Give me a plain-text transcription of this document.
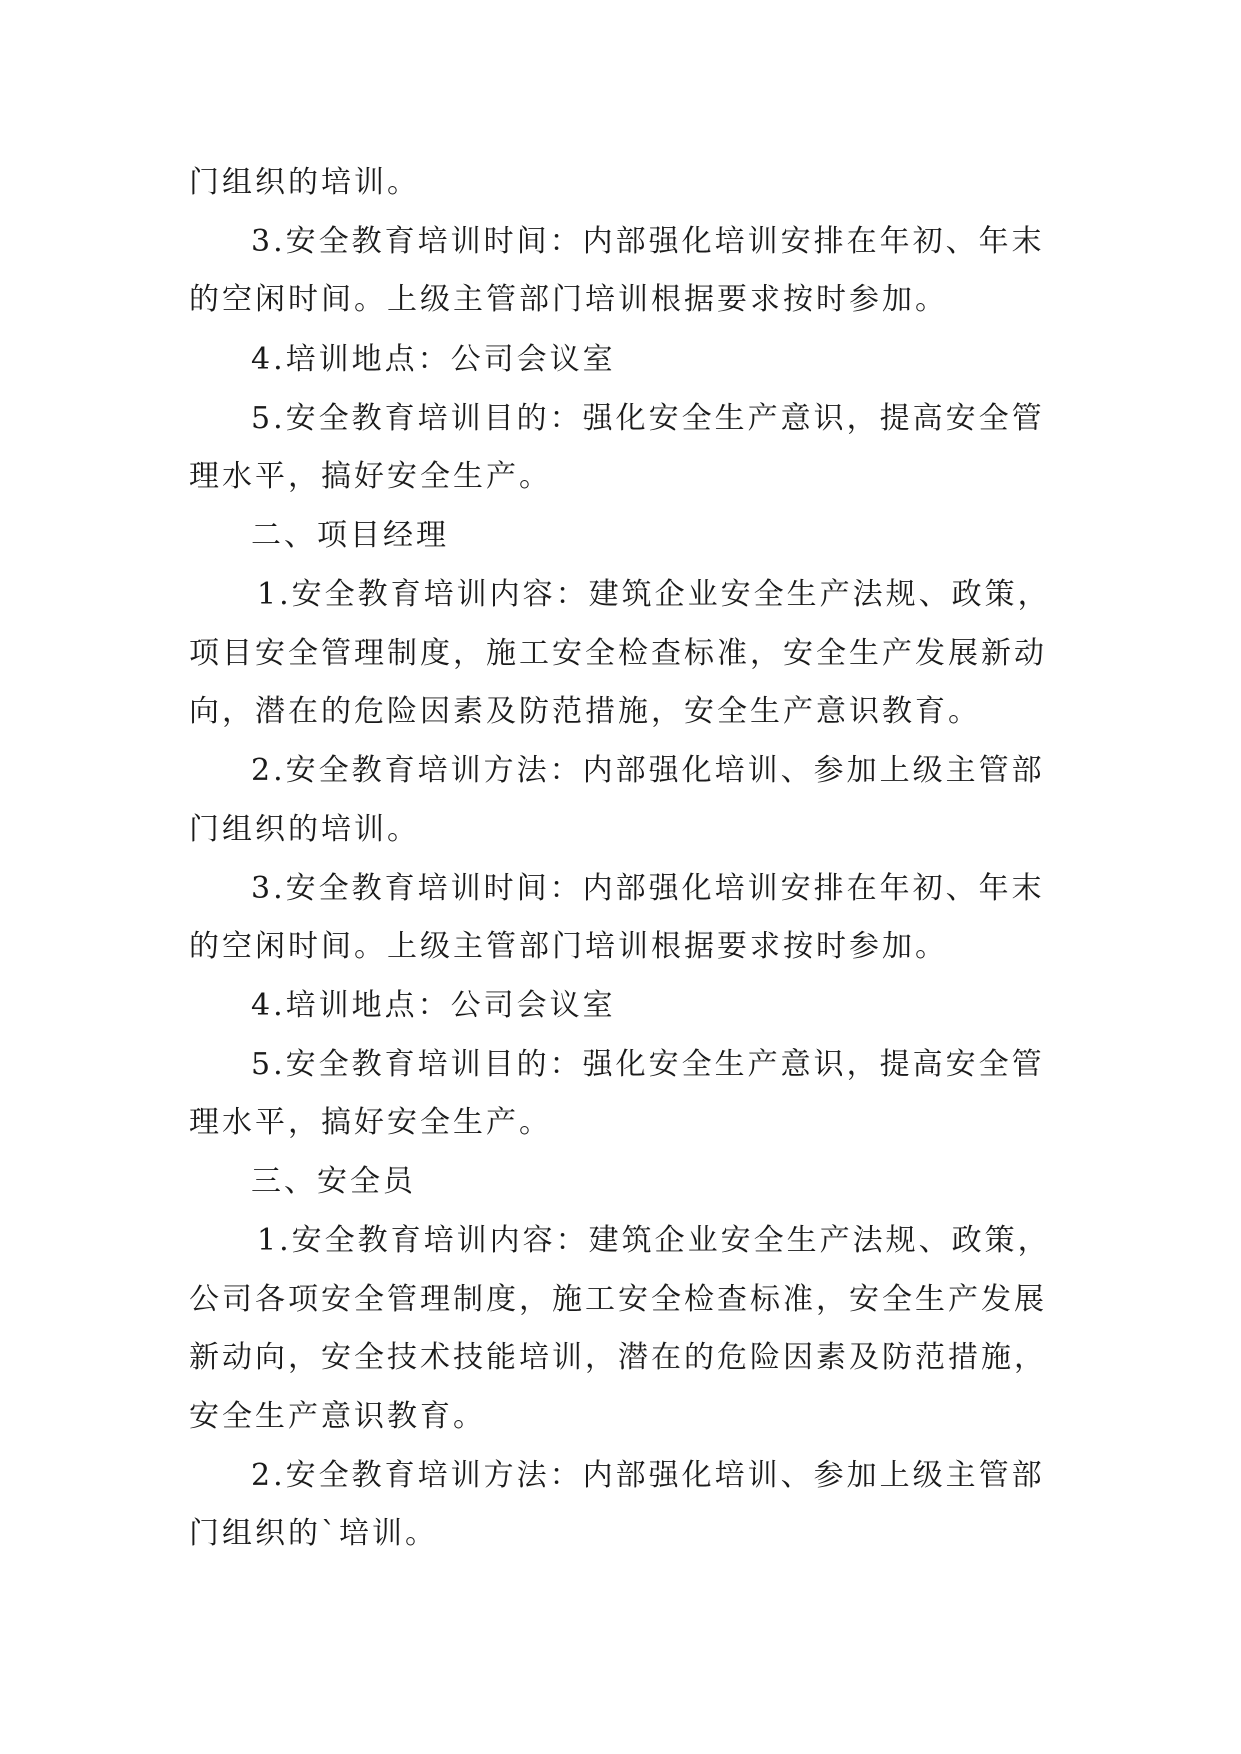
门组织的培训。
3.安全教育培训时间：内部强化培训安排在年初、年末
的空闲时间。上级主管部门培训根据要求按时参加。
4.培训地点：公司会议室
5.安全教育培训目的：强化安全生产意识，提高安全管
理水平，搞好安全生产。
二、项目经理
1.安全教育培训内容：建筑企业安全生产法规、政策，
项目安全管理制度，施工安全检查标准，安全生产发展新动
向，潜在的危险因素及防范措施，安全生产意识教育。
2.安全教育培训方法：内部强化培训、参加上级主管部
门组织的培训。
3.安全教育培训时间：内部强化培训安排在年初、年末
的空闲时间。上级主管部门培训根据要求按时参加。
4.培训地点：公司会议室
5.安全教育培训目的：强化安全生产意识，提高安全管
理水平，搞好安全生产。
三、安全员
1.安全教育培训内容：建筑企业安全生产法规、政策，
公司各项安全管理制度，施工安全检查标准，安全生产发展
新动向，安全技术技能培训，潜在的危险因素及防范措施，
安全生产意识教育。
2.安全教育培训方法：内部强化培训、参加上级主管部
门组织的`培训。
